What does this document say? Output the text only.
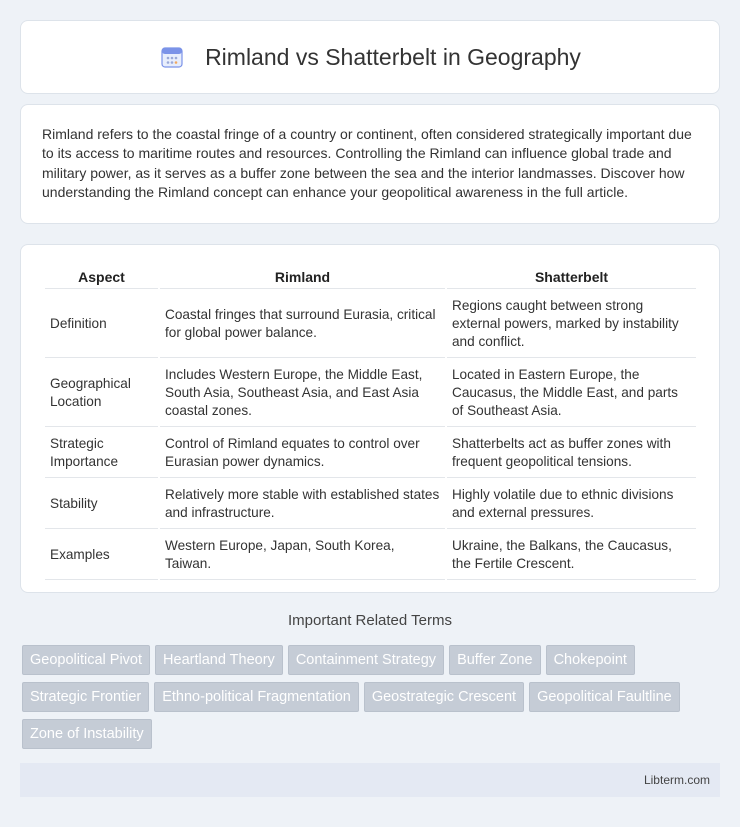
Rimland vs Shatterbelt in Geography

Rimland refers to the coastal fringe of a country or continent, often considered strategically important due to its access to maritime routes and resources. Controlling the Rimland can influence global trade and military power, as it serves as a buffer zone between the sea and the interior landmasses. Discover how understanding the Rimland concept can enhance your geopolitical awareness in the full article.

Aspect	Rimland	Shatterbelt
Definition	Coastal fringes that surround Eurasia, critical for global power balance.	Regions caught between strong external powers, marked by instability and conflict.
Geographical Location	Includes Western Europe, the Middle East, South Asia, Southeast Asia, and East Asia coastal zones.	Located in Eastern Europe, the Caucasus, the Middle East, and parts of Southeast Asia.
Strategic Importance	Control of Rimland equates to control over Eurasian power dynamics.	Shatterbelts act as buffer zones with frequent geopolitical tensions.
Stability	Relatively more stable with established states and infrastructure.	Highly volatile due to ethnic divisions and external pressures.
Examples	Western Europe, Japan, South Korea, Taiwan.	Ukraine, the Balkans, the Caucasus, the Fertile Crescent.
Important Related Terms
Geopolitical Pivot	Heartland Theory	Containment Strategy	Buffer Zone	Chokepoint
Strategic Frontier	Ethno-political Fragmentation	Geostrategic Crescent	Geopolitical Faultline
Zone of Instability
Libterm.com
